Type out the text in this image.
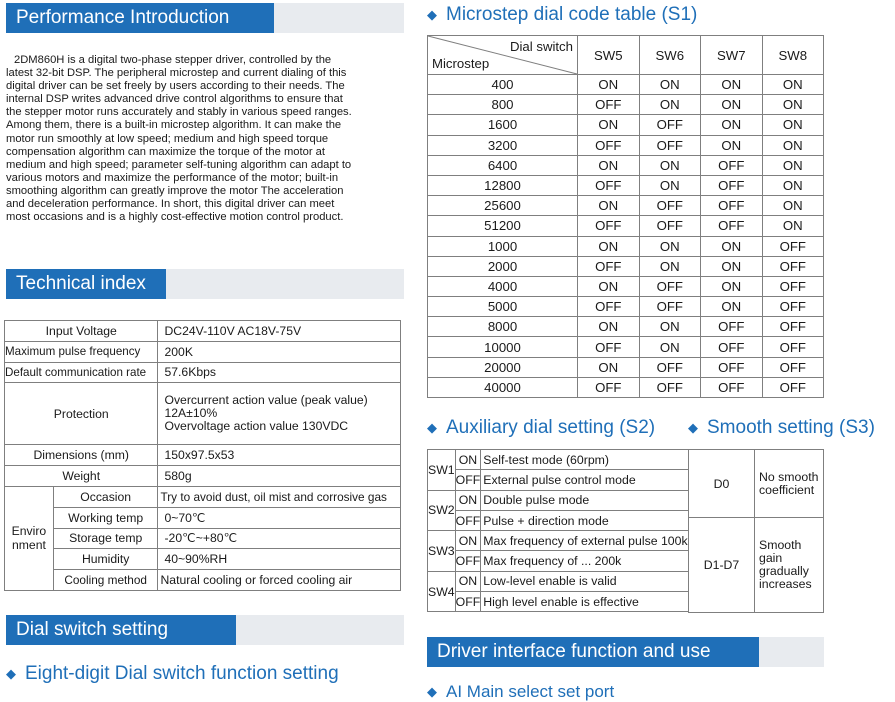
Performance Introduction
2DM860H is a digital two-phase stepper driver, controlled by the
latest 32-bit DSP. The peripheral microstep and current dialing of this
digital driver can be set freely by users according to their needs. The
internal DSP writes advanced drive control algorithms to ensure that
the stepper motor runs accurately and stably in various speed ranges.
Among them, there is a built-in microstep algorithm. It can make the
motor run smoothly at low speed; medium and high speed torque
compensation algorithm can maximize the torque of the motor at
medium and high speed; parameter self-tuning algorithm can adapt to
various motors and maximize the performance of the motor; built-in
smoothing algorithm can greatly improve the motor The acceleration
and deceleration performance. In short, this digital driver can meet
most occasions and is a highly cost-effective motion control product.
Technical index
Input Voltage		DC24V-110V AC18V-75V
Maximum pulse frequency		200K
Default communication rate		57.6Kbps
Protection		Overcurrent action value (peak value)
12A±10%
Overvoltage action value 130VDC

Dimensions (mm)		150x97.5x53
Weight		580g

Enviro
nment	Occasion	Try to avoid dust, oil mist and corrosive gas
	Working temp	0~70℃
	Storage temp	-20℃~+80℃
	Humidity	40~90%RH
	Cooling method	Natural cooling or forced cooling air
Dial switch setting
◆ Eight-digit Dial switch function setting
◆ Microstep dial code table (S1)
Dial switch
Microstep	SW5	SW6	SW7	SW8
400	ON	ON	ON	ON
800	OFF	ON	ON	ON
1600	ON	OFF	ON	ON
3200	OFF	OFF	ON	ON
6400	ON	ON	OFF	ON
12800	OFF	ON	OFF	ON
25600	ON	OFF	OFF	ON
51200	OFF	OFF	OFF	ON
1000	ON	ON	ON	OFF
2000	OFF	ON	ON	OFF
4000	ON	OFF	ON	OFF
5000	OFF	OFF	ON	OFF
8000	ON	ON	OFF	OFF
10000	OFF	ON	OFF	OFF
20000	ON	OFF	OFF	OFF
40000	OFF	OFF	OFF	OFF
◆ Auxiliary dial setting (S2)	◆ Smooth setting (S3)
SW1	ON	Self-test mode (60rpm)
	OFF	External pulse control mode
SW2	ON	Double pulse mode
	OFF	Pulse + direction mode
SW3	ON	Max frequency of external pulse 100k
	OFF	Max frequency of ... 200k
SW4	ON	Low-level enable is valid
	OFF	High level enable is effective
D0	No smooth
coefficient

D1-D7	Smooth
gain
gradually
increases
Driver interface function and use
◆ AI Main select set port
